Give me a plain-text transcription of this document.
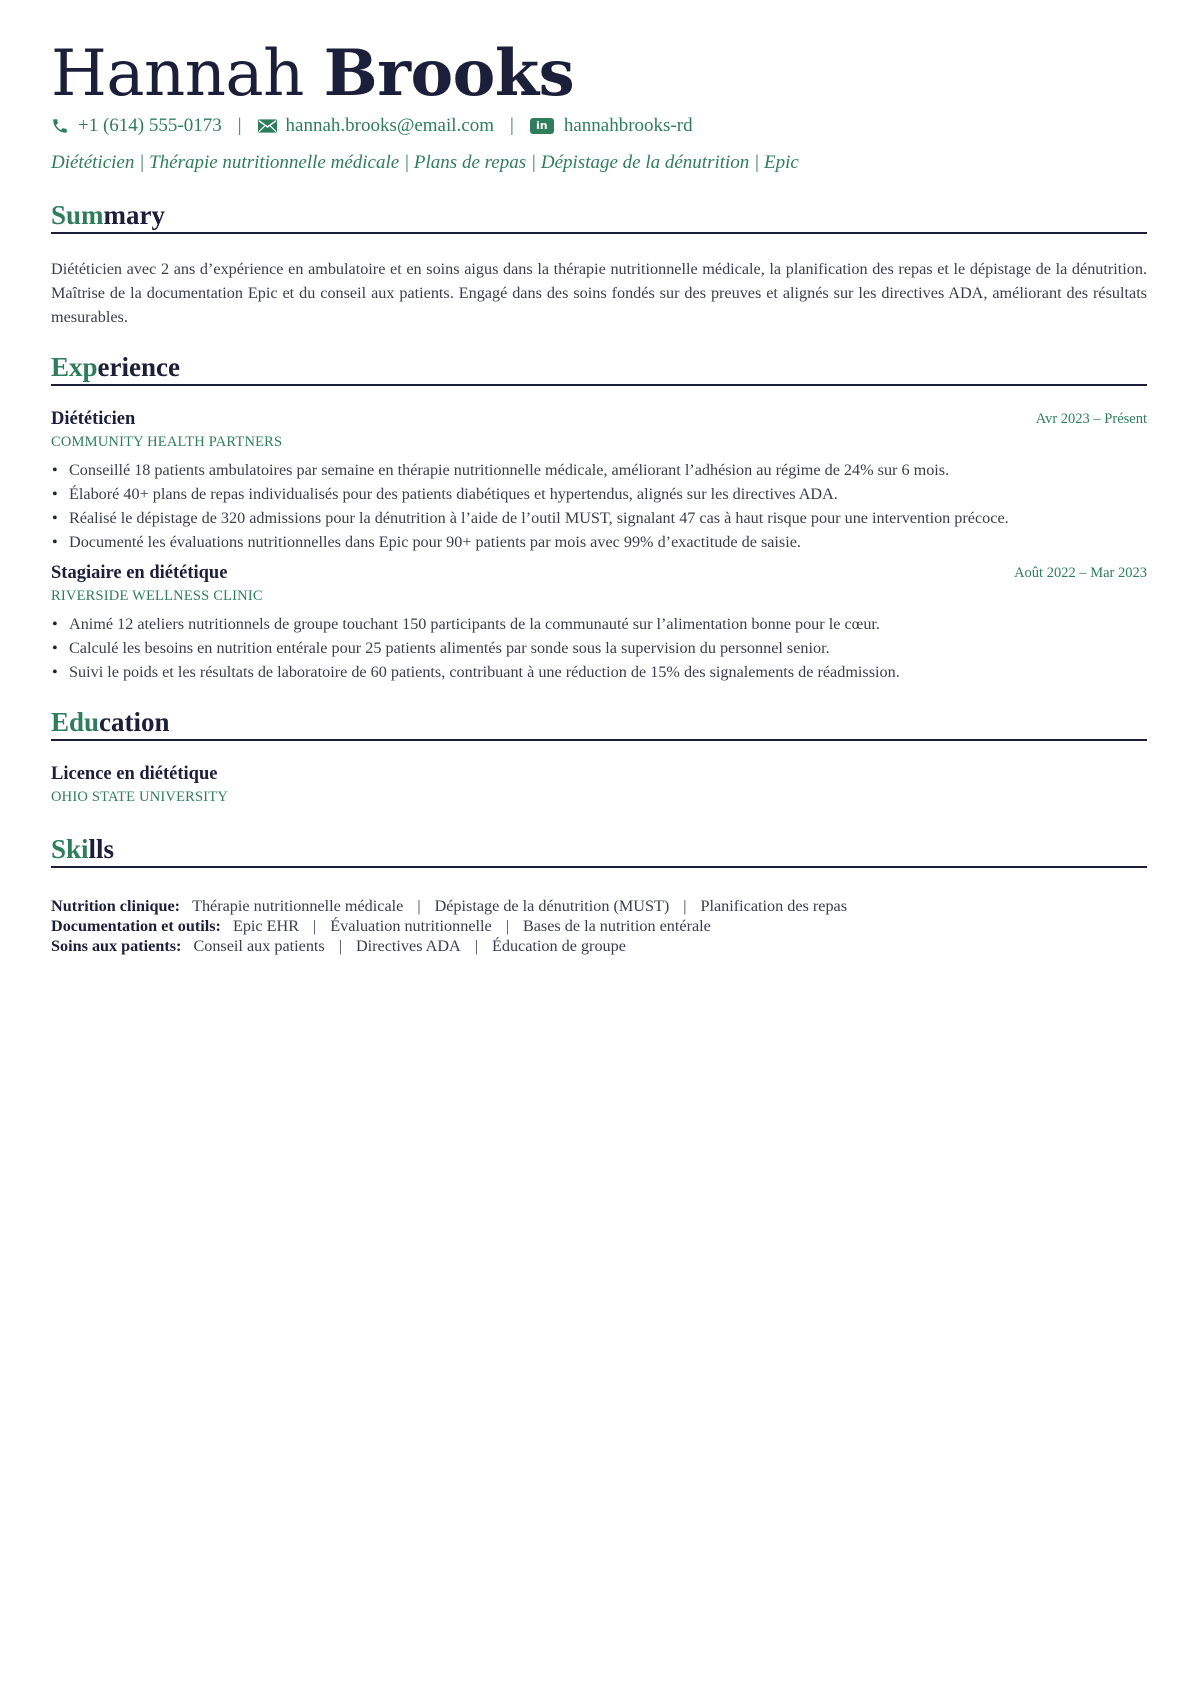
Hannah Brooks
+1 (614) 555-0173 | hannah.brooks@email.com |	in hannahbrooks-rd
Diététicien | Thérapie nutritionnelle médicale | Plans de repas | Dépistage de la dénutrition | Epic
Summary
Diététicien avec 2 ans d’expérience en ambulatoire et en soins aigus dans la thérapie nutritionnelle médicale, la planification des repas et le dépistage de la dénutrition. Maîtrise de la documentation Epic et du conseil aux patients. Engagé dans des soins fondés sur des preuves et alignés sur les directives ADA, améliorant des résultats mesurables.
Experience
Diététicien	Avr 2023 – Présent
COMMUNITY HEALTH PARTNERS
• Conseillé 18 patients ambulatoires par semaine en thérapie nutritionnelle médicale, améliorant l’adhésion au régime de 24% sur 6 mois.
• Élaboré 40+ plans de repas individualisés pour des patients diabétiques et hypertendus, alignés sur les directives ADA.
• Réalisé le dépistage de 320 admissions pour la dénutrition à l’aide de l’outil MUST, signalant 47 cas à haut risque pour une intervention précoce.
• Documenté les évaluations nutritionnelles dans Epic pour 90+ patients par mois avec 99% d’exactitude de saisie.
Stagiaire en diététique	Août 2022 – Mar 2023
RIVERSIDE WELLNESS CLINIC
• Animé 12 ateliers nutritionnels de groupe touchant 150 participants de la communauté sur l’alimentation bonne pour le cœur.
• Calculé les besoins en nutrition entérale pour 25 patients alimentés par sonde sous la supervision du personnel senior.
• Suivi le poids et les résultats de laboratoire de 60 patients, contribuant à une réduction de 15% des signalements de réadmission.
Education
Licence en diététique
OHIO STATE UNIVERSITY
Skills
Nutrition clinique: Thérapie nutritionnelle médicale | Dépistage de la dénutrition (MUST) | Planification des repas
Documentation et outils: Epic EHR | Évaluation nutritionnelle | Bases de la nutrition entérale
Soins aux patients: Conseil aux patients | Directives ADA | Éducation de groupe
